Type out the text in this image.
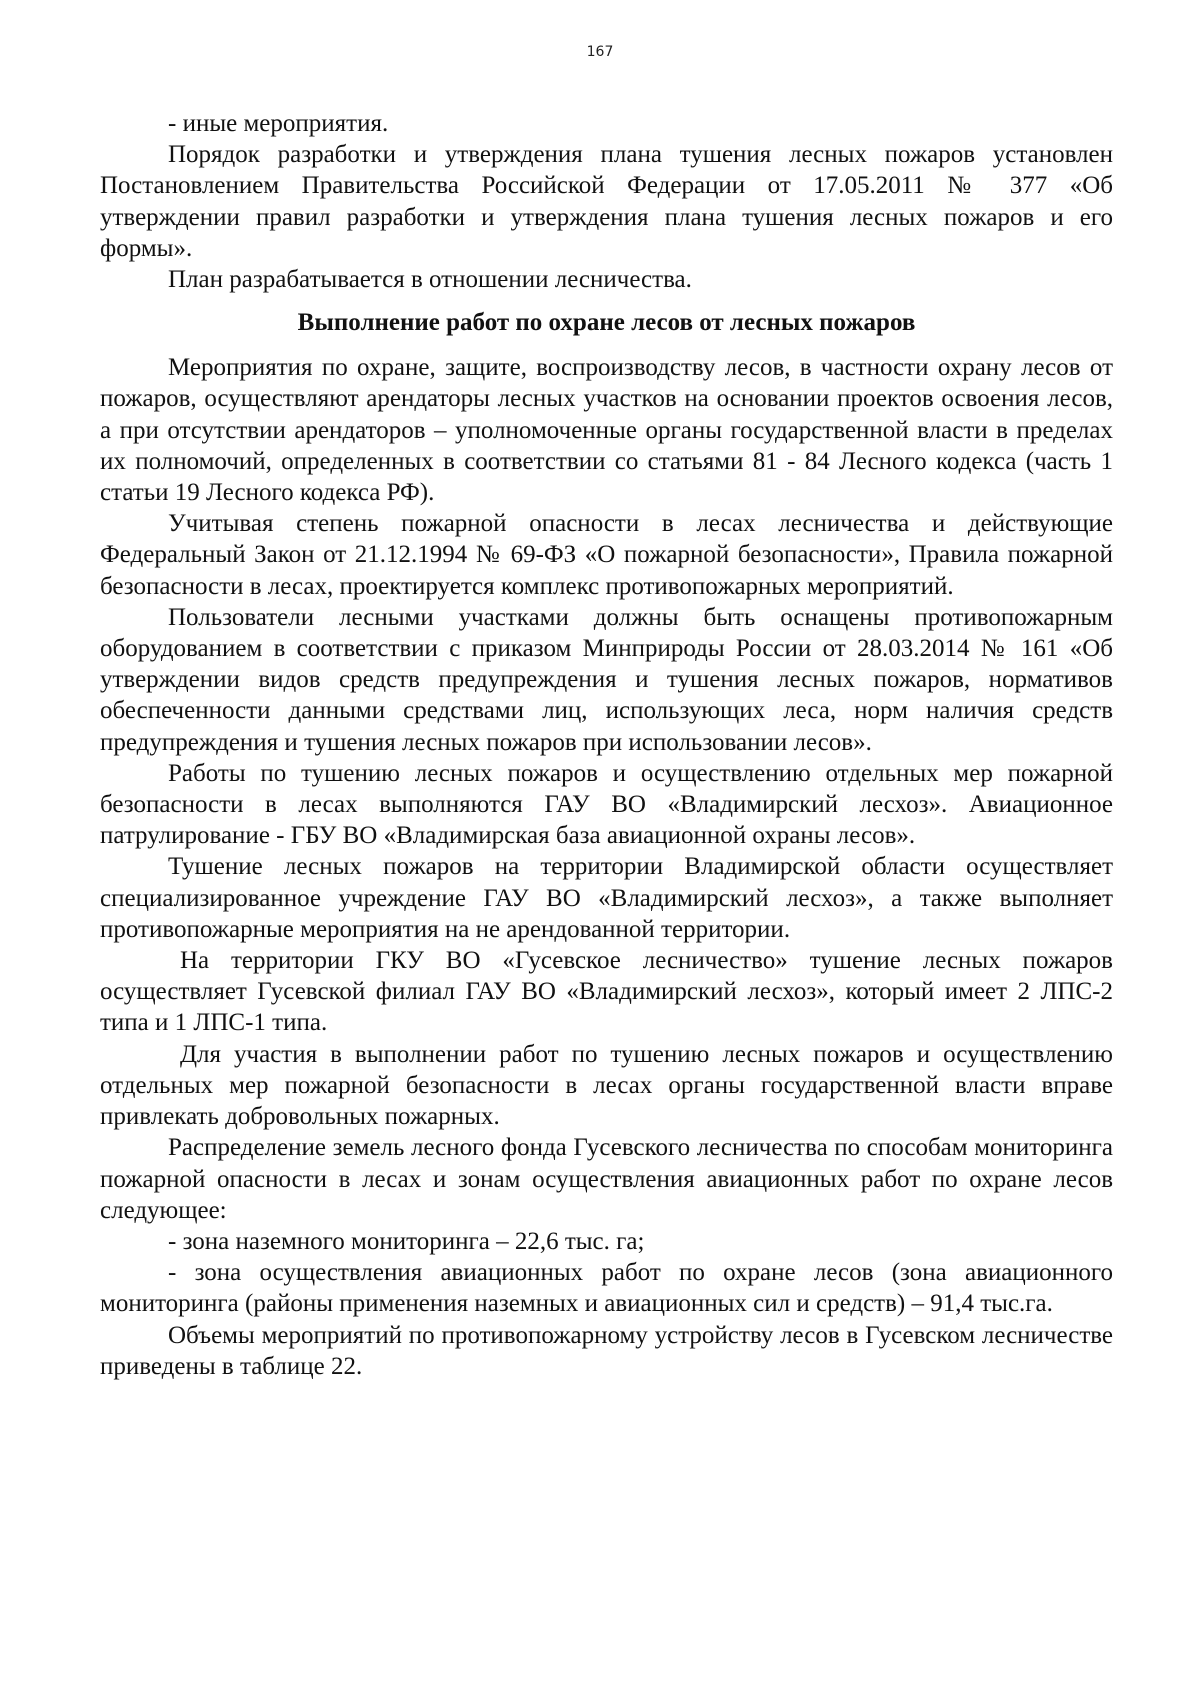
167

- иные мероприятия.

Порядок разработки и утверждения плана тушения лесных пожаров установлен Постановлением Правительства Российской Федерации от 17.05.2011 № 377 «Об утверждении правил разработки и утверждения плана тушения лесных пожаров и его формы».

План разрабатывается в отношении лесничества.

Выполнение работ по охране лесов от лесных пожаров

Мероприятия по охране, защите, воспроизводству лесов, в частности охрану лесов от пожаров, осуществляют арендаторы лесных участков на основании проектов освоения лесов, а при отсутствии арендаторов – уполномоченные органы государственной власти в пределах их полномочий, определенных в соответствии со статьями 81 - 84 Лесного кодекса (часть 1 статьи 19 Лесного кодекса РФ).

Учитывая степень пожарной опасности в лесах лесничества и действующие Федеральный Закон от 21.12.1994 № 69-ФЗ «О пожарной безопасности», Правила пожарной безопасности в лесах, проектируется комплекс противопожарных мероприятий.

Пользователи лесными участками должны быть оснащены противопожарным оборудованием в соответствии с приказом Минприроды России от 28.03.2014 № 161 «Об утверждении видов средств предупреждения и тушения лесных пожаров, нормативов обеспеченности данными средствами лиц, использующих леса, норм наличия средств предупреждения и тушения лесных пожаров при использовании лесов».

Работы по тушению лесных пожаров и осуществлению отдельных мер пожарной безопасности в лесах выполняются ГАУ ВО «Владимирский лесхоз». Авиационное патрулирование - ГБУ ВО «Владимирская база авиационной охраны лесов».

Тушение лесных пожаров на территории Владимирской области осуществляет специализированное учреждение ГАУ ВО «Владимирский лесхоз», а также выполняет противопожарные мероприятия на не арендованной территории.

На территории ГКУ ВО «Гусевское лесничество» тушение лесных пожаров осуществляет Гусевской филиал ГАУ ВО «Владимирский лесхоз», который имеет 2 ЛПС-2 типа и 1 ЛПС-1 типа.

Для участия в выполнении работ по тушению лесных пожаров и осуществлению отдельных мер пожарной безопасности в лесах органы государственной власти вправе привлекать добровольных пожарных.

Распределение земель лесного фонда Гусевского лесничества по способам мониторинга пожарной опасности в лесах и зонам осуществления авиационных работ по охране лесов следующее:

- зона наземного мониторинга – 22,6 тыс. га;

- зона осуществления авиационных работ по охране лесов (зона авиационного мониторинга (районы применения наземных и авиационных сил и средств) – 91,4 тыс.га.

Объемы мероприятий по противопожарному устройству лесов в Гусевском лесничестве приведены в таблице 22.
